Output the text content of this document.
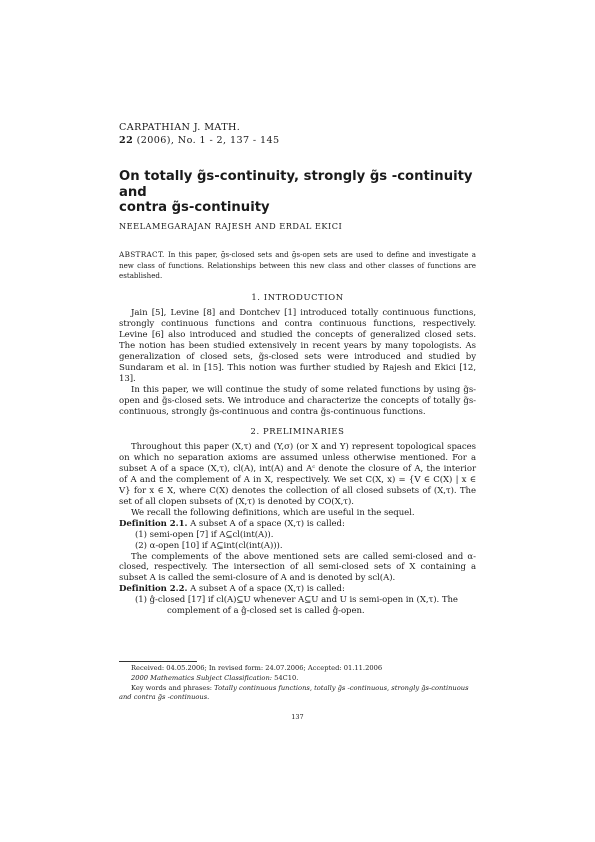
CARPATHIAN J. MATH.
22 (2006), No. 1 - 2, 137 - 145
On totally g̃s-continuity, strongly g̃s -continuity and
contra g̃s-continuity
NEELAMEGARAJAN RAJESH AND ERDAL EKICI
ABSTRACT. In this paper, g̃s-closed sets and g̃s-open sets are used to define and investigate a new class of functions. Relationships between this new class and other classes of functions are established.
1. INTRODUCTION

Jain [5], Levine [8] and Dontchev [1] introduced totally continuous functions, strongly continuous functions and contra continuous functions, respectively. Levine [6] also introduced and studied the concepts of generalized closed sets. The notion has been studied extensively in recent years by many topologists. As generalization of closed sets, g̃s-closed sets were introduced and studied by Sundaram et al. in [15]. This notion was further studied by Rajesh and Ekici [12, 13].

In this paper, we will continue the study of some related functions by using g̃s-open and g̃s-closed sets. We introduce and characterize the concepts of totally g̃s-continuous, strongly g̃s-continuous and contra g̃s-continuous functions.

2. PRELIMINARIES

Throughout this paper (X,τ) and (Y,σ) (or X and Y) represent topological spaces on which no separation axioms are assumed unless otherwise mentioned. For a subset A of a space (X,τ), cl(A), int(A) and Aᶜ denote the closure of A, the interior of A and the complement of A in X, respectively. We set C(X, x) = {V ∈ C(X) | x ∈ V} for x ∈ X, where C(X) denotes the collection of all closed subsets of (X,τ). The set of all clopen subsets of (X,τ) is denoted by CO(X,τ).

We recall the following definitions, which are useful in the sequel.

Definition 2.1. A subset A of a space (X,τ) is called:

(1) semi-open [7] if A⊆cl(int(A)).

(2) α-open [10] if A⊆int(cl(int(A))).

The complements of the above mentioned sets are called semi-closed and α-closed, respectively. The intersection of all semi-closed sets of X containing a subset A is called the semi-closure of A and is denoted by scl(A).

Definition 2.2. A subset A of a space (X,τ) is called:

(1) ĝ-closed [17] if cl(A)⊆U whenever A⊆U and U is semi-open in (X,τ). The

complement of a ĝ-closed set is called ĝ-open.

Received: 04.05.2006; In revised form: 24.07.2006; Accepted: 01.11.2006

2000 Mathematics Subject Classification: 54C10.

Key words and phrases: Totally continuous functions, totally g̃s -continuous, strongly g̃s-continuous and contra g̃s -continuous.

137
